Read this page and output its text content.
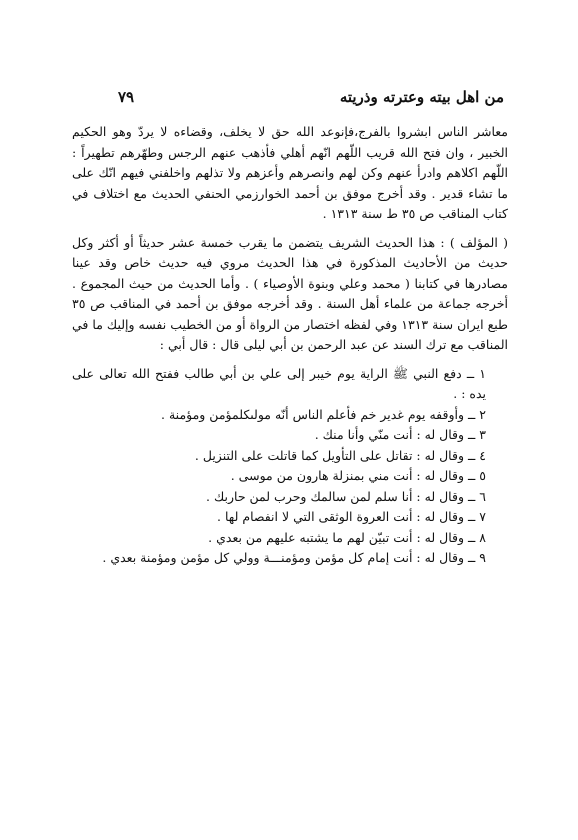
من اهل بيته وعترته وذريته
٧٩

معاشر الناس ابشروا بالفرج،فإنوعد الله حق لا يخلف، وقضاءه لا يردّ وهو الحكيم الخبير ، وان فتح الله قريب اللّهم انّهم أهلي فأذهب عنهم الرجس وطهّرهم تطهيراً : اللّهم اكلاهم وادرأ عنهم وكن لهم وانصرهم وأعزهم ولا تذلهم واخلفني فيهم انّك على ما تشاء قدير . وقد أخرج موفق بن أحمد الخوارزمي الحنفي الحديث مع اختلاف في كتاب المناقب ص ٣٥ ط سنة ١٣١٣ .

( المؤلف ) : هذا الحديث الشريف يتضمن ما يقرب خمسة عشر حديثاً أو أكثر وكل حديث من الأحاديث المذكورة في هذا الحديث مروي فيه حديث خاص وقد عينا مصادرها في كتابنا ( محمد وعلي وبنوة الأوصياء ) . وأما الحديث من حيث المجموع . أخرجه جماعة من علماء أهل السنة . وقد أخرجه موفق بن أحمد في المناقب ص ٣٥ طبع ايران سنة ١٣١٣ وفي لفظه اختصار من الرواة أو من الخطيب نفسه وإليك ما في المناقب مع ترك السند عن عبد الرحمن بن أبي ليلى قال : قال أبي :

١ ــ دفع النبي ﷺ الراية يوم خيبر إلى علي بن أبي طالب ففتح الله تعالى على يده : .
٢ ــ وأوقفه يوم غدير خم فأعلم الناس أنّه مولىكلمؤمن ومؤمنة .
٣ ــ وقال له : أنت منّي وأنا منك .
٤ ــ وقال له : تقاتل على التأويل كما قاتلت على التنزيل .
٥ ــ وقال له : أنت مني بمنزلة هارون من موسى .
٦ ــ وقال له : أنا سلم لمن سالمك وحرب لمن حاربك .
٧ ــ وقال له : أنت العروة الوثقى التي لا انفصام لها .
٨ ــ وقال له : أنت تبيّن لهم ما يشتبه عليهم من بعدي .
٩ ــ وقال له : أنت إمام كل مؤمن ومؤمنـــة وولي كل مؤمن ومؤمنة بعدي .
